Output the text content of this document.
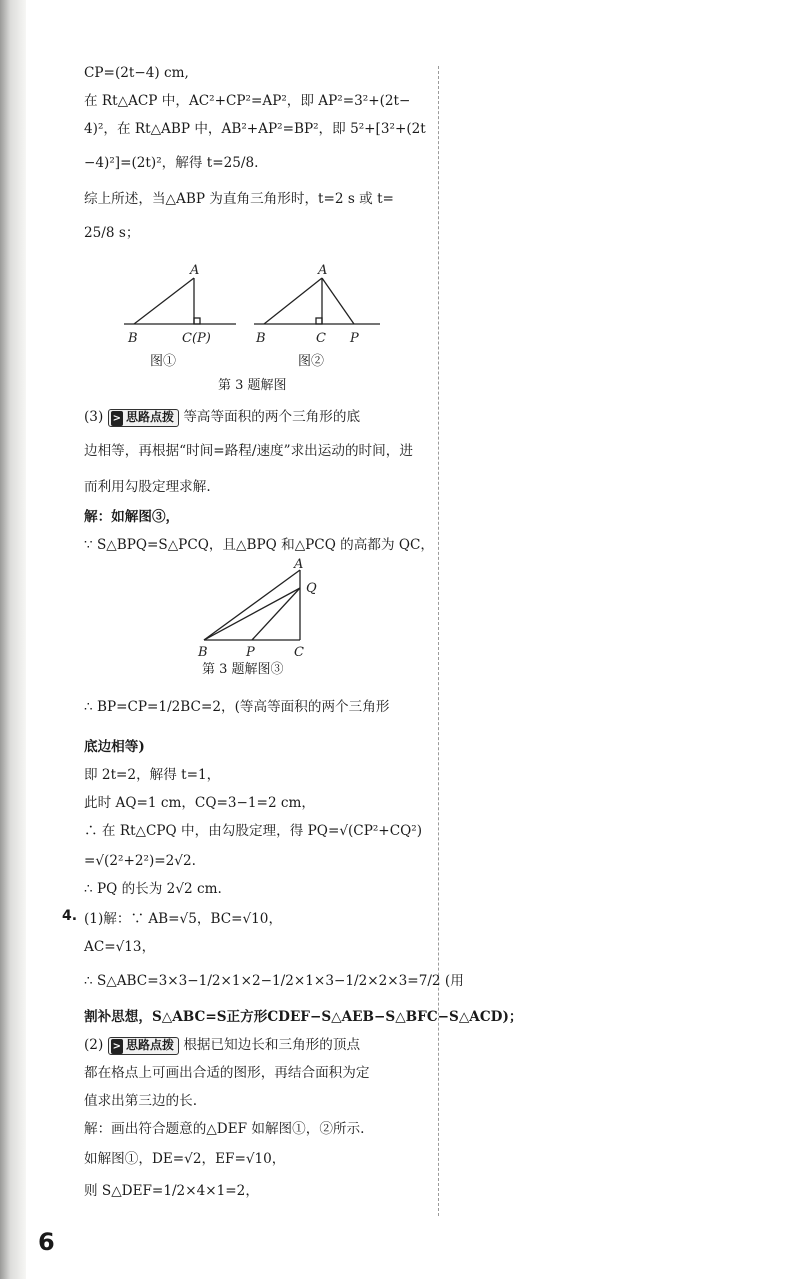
CP=(2t−4) cm,
在 Rt△ACP 中，AC²+CP²=AP²，即 AP²=3²+(2t−
4)²，在 Rt△ABP 中，AB²+AP²=BP²，即 5²+[3²+(2t
−4)²]=(2t)²，解得 t=25/8.
综上所述，当△ABP 为直角三角形时，t=2 s 或 t=
25/8 s；
A
B	C(P)
A
B	C P
图①	图②
第 3 题解图
(3) > 思路点拨 等高等面积的两个三角形的底
边相等，再根据“时间=路程/速度”求出运动的时间，进
而利用勾股定理求解.
解：如解图③，
∵ S△BPQ=S△PCQ，且△BPQ 和△PCQ 的高都为 QC，
A
Q
B	P	C
第 3 题解图③
∴ BP=CP=1/2BC=2，(等高等面积的两个三角形
底边相等)
即 2t=2，解得 t=1，
此时 AQ=1 cm，CQ=3−1=2 cm，
∴ 在 Rt△CPQ 中，由勾股定理，得 PQ=√(CP²+CQ²)
=√(2²+2²)=2√2.
∴ PQ 的长为 2√2 cm.
4. (1)解：∵ AB=√5，BC=√10，
AC=√13，
∴ S△ABC=3×3−1/2×1×2−1/2×1×3−1/2×2×3=7/2 (用
割补思想，S△ABC=S正方形CDEF−S△AEB−S△BFC−S△ACD)；
(2) > 思路点拨 根据已知边长和三角形的顶点
都在格点上可画出合适的图形，再结合面积为定
值求出第三边的长.
解：画出符合题意的△DEF 如解图①，②所示.
如解图①，DE=√2，EF=√10，
则 S△DEF=1/2×4×1=2，
D
E
F	E
D
F
A a	b	c
E
c
a
b
B
C
D
A a	b	c
E
c
a
b
B
C
D
6
